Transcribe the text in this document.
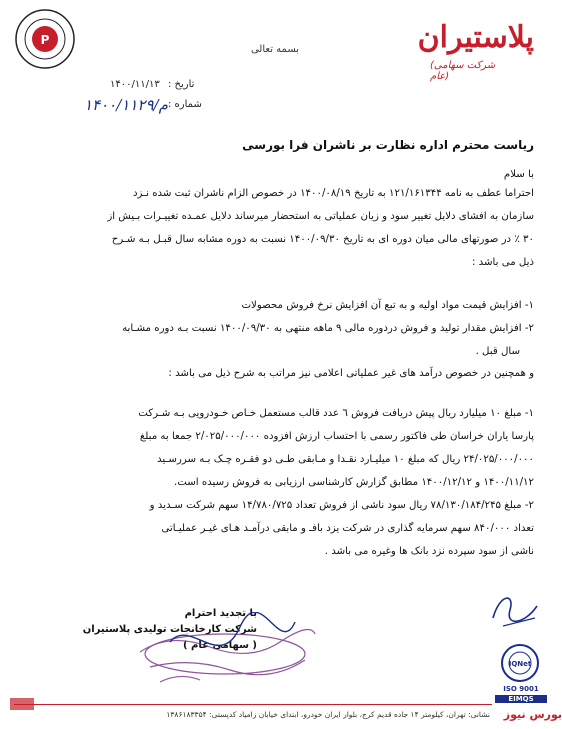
P	پلاستیران
(شرکت سهامی عام)
بسمه تعالی
تاریخ :
۱۴۰۰/۱۱/۱۳
شماره :
۱۴۰۰/م/۱۱۲۹
ریاست محترم اداره نظارت بر ناشران فرا بورسی
با سلام

احتراما عطف به نامه ۱۲۱/۱۶۱۳۴۴ به تاریخ ۱۴۰۰/۰۸/۱۹ در خصوص الزام ناشران ثبت شده نـزد

سازمان به افشای دلایل تغییر سود و زیان عملیاتی به استحضار میرساند دلایل عمـده تغییـرات بـیش از

۳۰ ٪ در صورتهای مالی میان دوره ای به تاریخ ۱۴۰۰/۰۹/۳۰ نسبت به دوره مشابه سال قبـل بـه شـرح

ذیل می باشد :

۱- افزایش قیمت مواد اولیه و به تبع آن افزایش نرخ فروش محصولات

۲- افزایش مقدار تولید و فروش دردوره مالی ۹ ماهه منتهی به ۱۴۰۰/۰۹/۳۰ نسبت بـه دوره مشـابه

سال قبل .

و همچنین در خصوص درآمد های غیر عملیاتی اعلامی نیز مراتب به شرح ذیل می باشد :

۱- مبلغ ۱۰ میلیارد ریال پیش دریافت فروش ٦ عدد قالب مستعمل خـاص خـودرویی بـه شـرکت

پارسا یاران خراسان طی فاکتور رسمی با احتساب ارزش افزوده ۲/۰۲۵/۰۰۰/۰۰۰ جمعا به مبلغ

۲۴/۰۲۵/۰۰۰/۰۰۰ ریال که مبلغ ۱۰ میلیـارد نقـدا و مـابقی طـی دو فقـره چـک بـه سررسـید

۱۴۰۰/۱۱/۱۲ و ۱۴۰۰/۱۲/۱۲ مطابق گزارش کارشناسی ارزیابی به فروش رسیده است.

۲- مبلغ ۷۸/۱۳۰/۱۸۴/۲۴۵ ریال سود ناشی از فروش تعداد ۱۴/۷۸۰/۷۲۵ سهم شرکت سـدید و

تعداد ۸۴۰/۰۰۰ سهم سرمایه گذاری در شرکت یزد بافـ و مابقی درآمـد هـای غیـر عملیـاتی

ناشی از سود سپرده نزد بانک ها وغیره می باشد .

با تجدید احترام
شرکت کارخانجات تولیدی پلاستیران
( سهامی عام )
IQNet
ISO 9001
EIMQS
نشانی: تهران، کیلومتر ۱۴ جاده قدیم کرج، بلوار ایران خودرو، ابتدای خیابان زامیاد کدپستی: ۱۳۸۶۱۸۳۳۵۴ بورس نیوز
